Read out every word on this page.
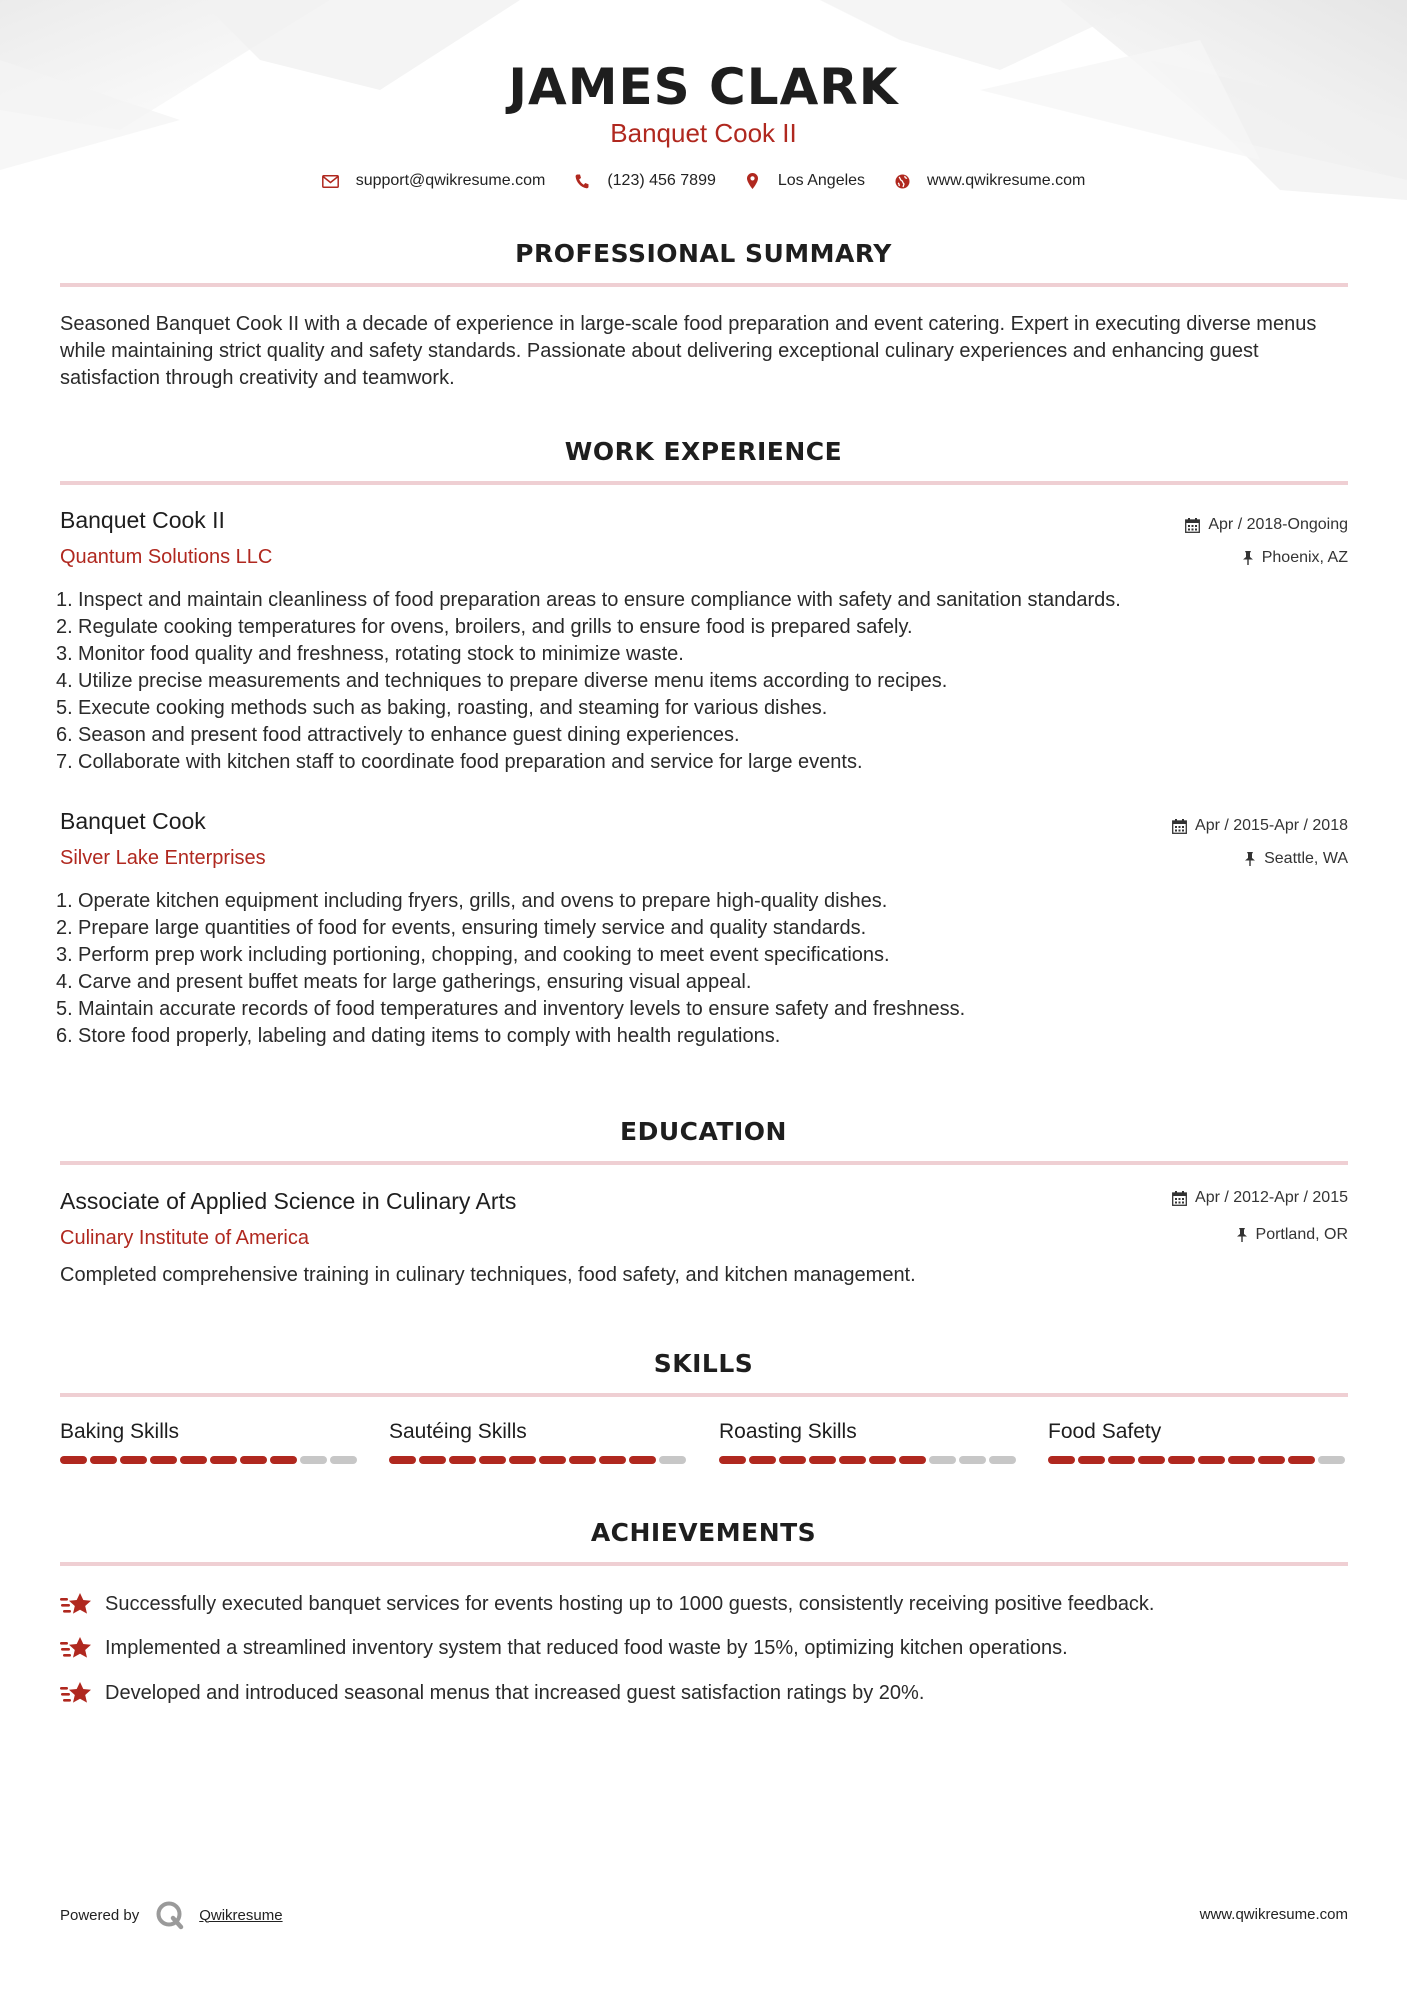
JAMES CLARK
Banquet Cook II
support@qwikresume.com	(123) 456 7899	Los Angeles	www.qwikresume.com
PROFESSIONAL SUMMARY
Seasoned Banquet Cook II with a decade of experience in large-scale food preparation and event catering. Expert in executing diverse menus while maintaining strict quality and safety standards. Passionate about delivering exceptional culinary experiences and enhancing guest satisfaction through creativity and teamwork.
WORK EXPERIENCE
Banquet Cook II
Quantum Solutions LLC
Apr / 2018-Ongoing
Phoenix, AZ
1. Inspect and maintain cleanliness of food preparation areas to ensure compliance with safety and sanitation standards.
2. Regulate cooking temperatures for ovens, broilers, and grills to ensure food is prepared safely.
3. Monitor food quality and freshness, rotating stock to minimize waste.
4. Utilize precise measurements and techniques to prepare diverse menu items according to recipes.
5. Execute cooking methods such as baking, roasting, and steaming for various dishes.
6. Season and present food attractively to enhance guest dining experiences.
7. Collaborate with kitchen staff to coordinate food preparation and service for large events.
Banquet Cook
Silver Lake Enterprises
Apr / 2015-Apr / 2018
Seattle, WA
1. Operate kitchen equipment including fryers, grills, and ovens to prepare high-quality dishes.
2. Prepare large quantities of food for events, ensuring timely service and quality standards.
3. Perform prep work including portioning, chopping, and cooking to meet event specifications.
4. Carve and present buffet meats for large gatherings, ensuring visual appeal.
5. Maintain accurate records of food temperatures and inventory levels to ensure safety and freshness.
6. Store food properly, labeling and dating items to comply with health regulations.
EDUCATION
Associate of Applied Science in Culinary Arts
Culinary Institute of America
Apr / 2012-Apr / 2015
Portland, OR
Completed comprehensive training in culinary techniques, food safety, and kitchen management.
SKILLS
Baking Skills	Sautéing Skills	Roasting Skills	Food Safety
ACHIEVEMENTS
Successfully executed banquet services for events hosting up to 1000 guests, consistently receiving positive feedback.
Implemented a streamlined inventory system that reduced food waste by 15%, optimizing kitchen operations.
Developed and introduced seasonal menus that increased guest satisfaction ratings by 20%.
Powered by	Qwikresume	www.qwikresume.com
